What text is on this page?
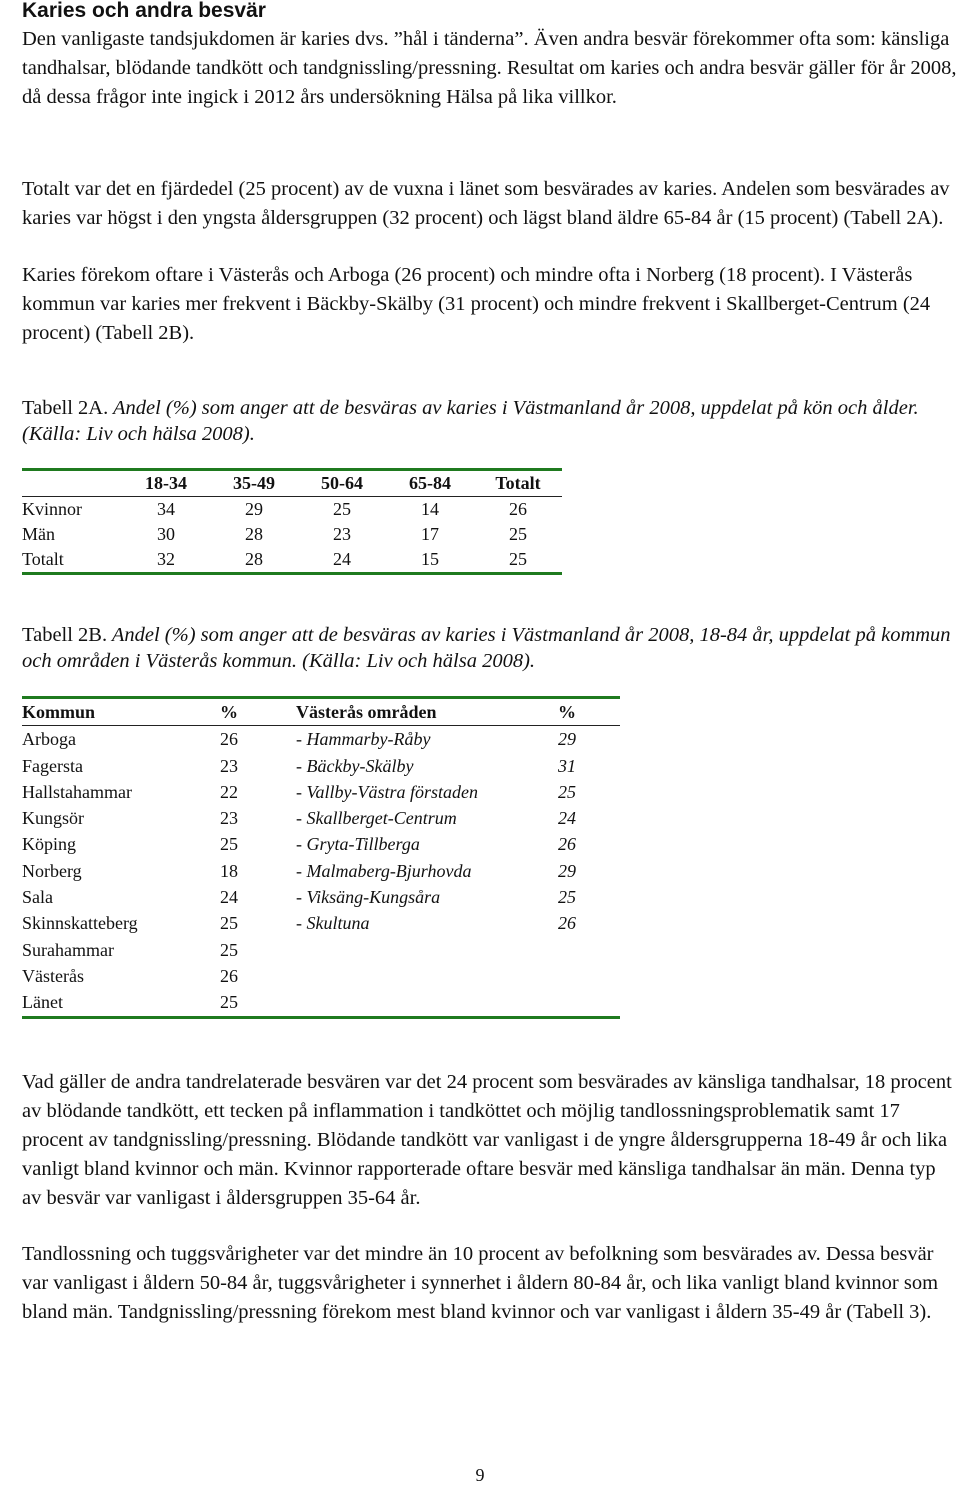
Karies och andra besvär

Den vanligaste tandsjukdomen är karies dvs. ”hål i tänderna”. Även andra besvär förekommer ofta som: känsliga tandhalsar, blödande tandkött och tandgnissling/pressning. Resultat om karies och andra besvär gäller för år 2008, då dessa frågor inte ingick i 2012 års undersökning Hälsa på lika villkor.

Totalt var det en fjärdedel (25 procent) av de vuxna i länet som besvärades av karies. Andelen som besvärades av karies var högst i den yngsta åldersgruppen (32 procent) och lägst bland äldre 65-84 år (15 procent) (Tabell 2A).

Karies förekom oftare i Västerås och Arboga (26 procent) och mindre ofta i Norberg (18 procent). I Västerås kommun var karies mer frekvent i Bäckby-Skälby (31 procent) och mindre frekvent i Skallberget-Centrum (24 procent) (Tabell 2B).

Tabell 2A. Andel (%) som anger att de besväras av karies i Västmanland år 2008, uppdelat på kön och ålder. (Källa: Liv och hälsa 2008).

	18-34	35-49	50-64	65-84	Totalt
Kvinnor	34	29	25	14	26
Män	30	28	23	17	25
Totalt	32	28	24	15	25

Tabell 2B. Andel (%) som anger att de besväras av karies i Västmanland år 2008, 18-84 år, uppdelat på kommun och områden i Västerås kommun. (Källa: Liv och hälsa 2008).

Kommun	%	Västerås områden	%
Arboga	26	- Hammarby-Råby	29
Fagersta	23	- Bäckby-Skälby	31
Hallstahammar	22	- Vallby-Västra förstaden	25
Kungsör	23	- Skallberget-Centrum	24
Köping	25	- Gryta-Tillberga	26
Norberg	18	- Malmaberg-Bjurhovda	29
Sala	24	- Viksäng-Kungsåra	25
Skinnskatteberg	25	- Skultuna	26
Surahammar	25		
Västerås	26		
Länet	25		

Vad gäller de andra tandrelaterade besvären var det 24 procent som besvärades av känsliga tandhalsar, 18 procent av blödande tandkött, ett tecken på inflammation i tandköttet och möjlig tandlossningsproblematik samt 17 procent av tandgnissling/pressning. Blödande tandkött var vanligast i de yngre åldersgrupperna 18-49 år och lika vanligt bland kvinnor och män. Kvinnor rapporterade oftare besvär med känsliga tandhalsar än män. Denna typ av besvär var vanligast i åldersgruppen 35-64 år.

Tandlossning och tuggsvårigheter var det mindre än 10 procent av befolkning som besvärades av. Dessa besvär var vanligast i åldern 50-84 år, tuggsvårigheter i synnerhet i åldern 80-84 år, och lika vanligt bland kvinnor som bland män. Tandgnissling/pressning förekom mest bland kvinnor och var vanligast i åldern 35-49 år (Tabell 3).

9
